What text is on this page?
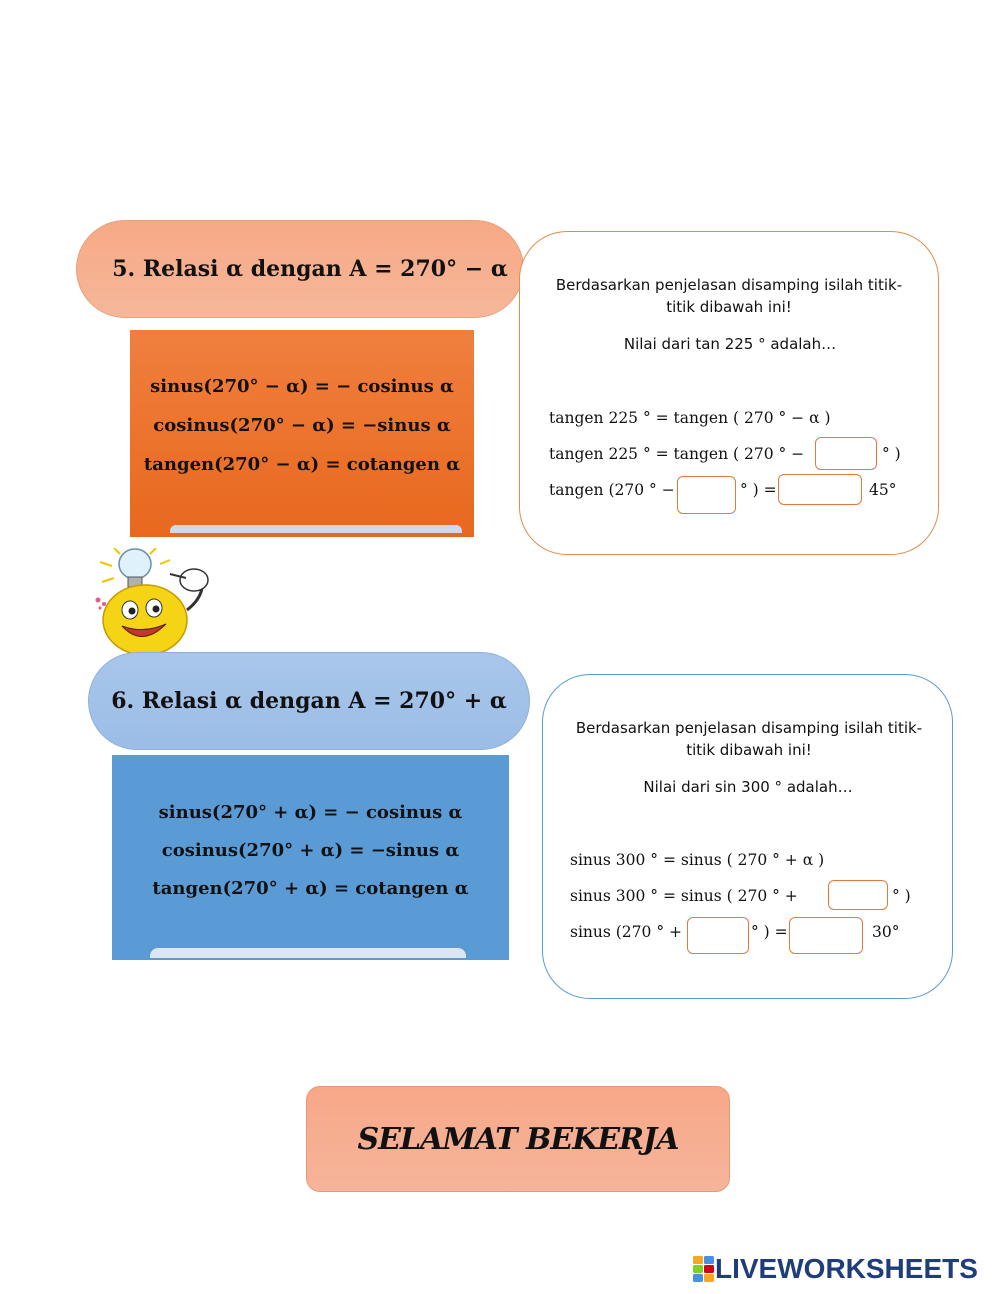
5. Relasi α dengan A = 270° − α
sinus(270° − α) = − cosinus α
cosinus(270° − α) = −sinus α
tangen(270° − α) = cotangen α
Berdasarkan penjelasan disamping isilah titik-titik dibawah ini!
Nilai dari tan 225 ° adalah…
tangen 225 ° = tangen ( 270 ° − α )
tangen 225 ° = tangen ( 270 ° −	° )
tangen (270 ° −	° ) =	45°
6. Relasi α dengan A = 270° + α
sinus(270° + α) = − cosinus α
cosinus(270° + α) = −sinus α
tangen(270° + α) = cotangen α
Berdasarkan penjelasan disamping isilah titik-titik dibawah ini!
Nilai dari sin 300 ° adalah…
sinus 300 ° = sinus ( 270 ° + α )
sinus 300 ° = sinus ( 270 ° +	° )
sinus (270 ° +	° ) =	30°
SELAMAT BEKERJA
LIVEWORKSHEETS
